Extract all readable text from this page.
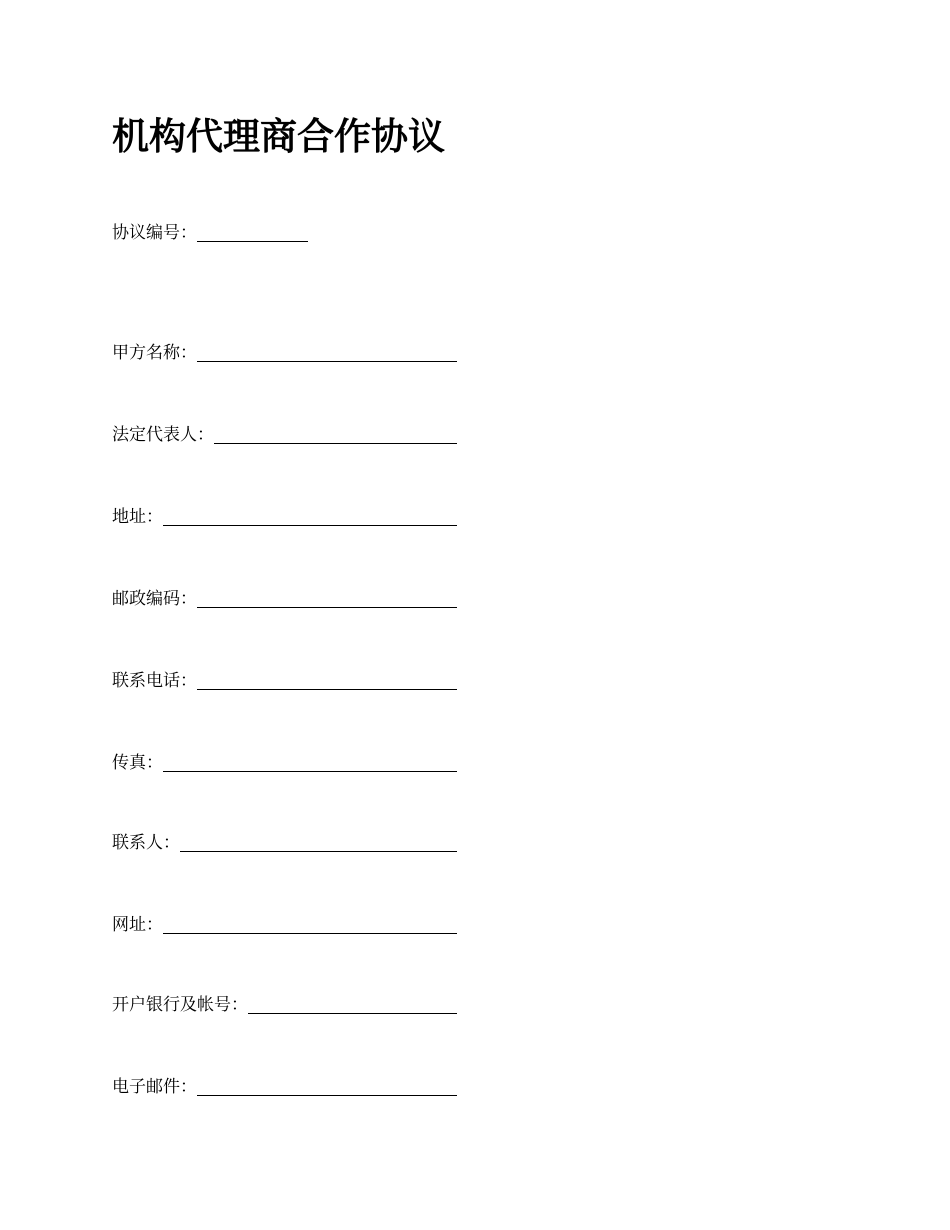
机构代理商合作协议
协议编号：
甲方名称：
法定代表人：
地址：
邮政编码：
联系电话：
传真：
联系人：
网址：
开户银行及帐号：
电子邮件：
